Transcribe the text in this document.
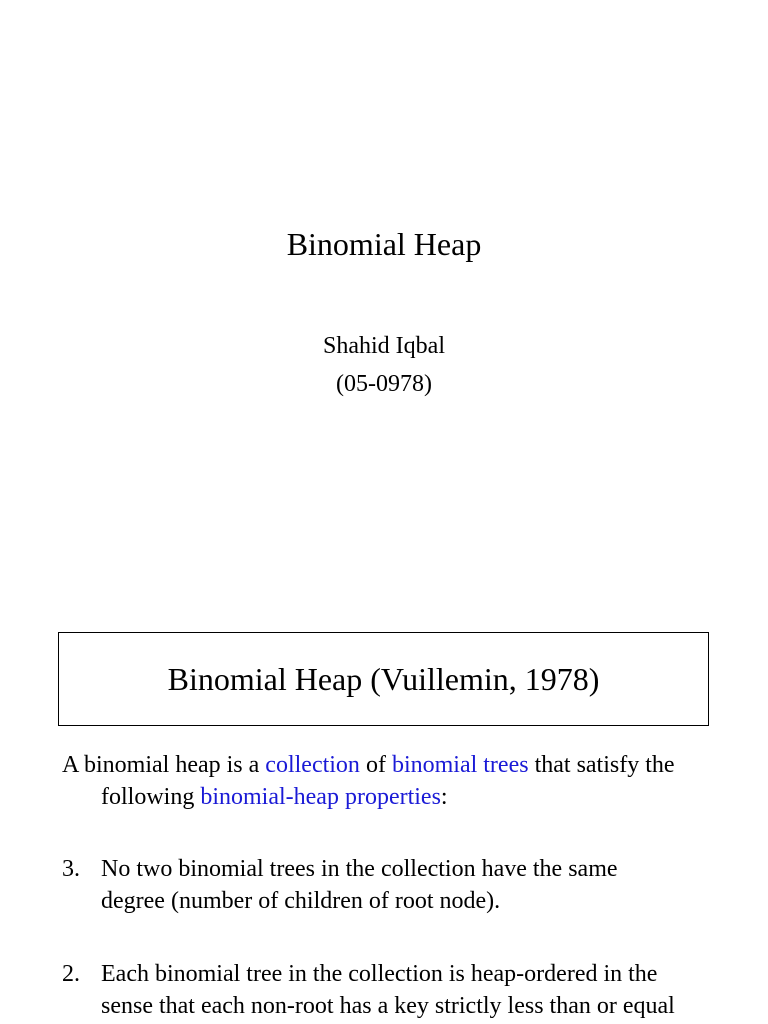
Binomial Heap
Shahid Iqbal
(05-0978)
Binomial Heap (Vuillemin, 1978)
A binomial heap is a collection of binomial trees that satisfy the
following binomial-heap properties:
3. No two binomial trees in the collection have the same
degree (number of children of root node).
2. Each binomial tree in the collection is heap-ordered in the
sense that each non-root has a key strictly less than or equal
